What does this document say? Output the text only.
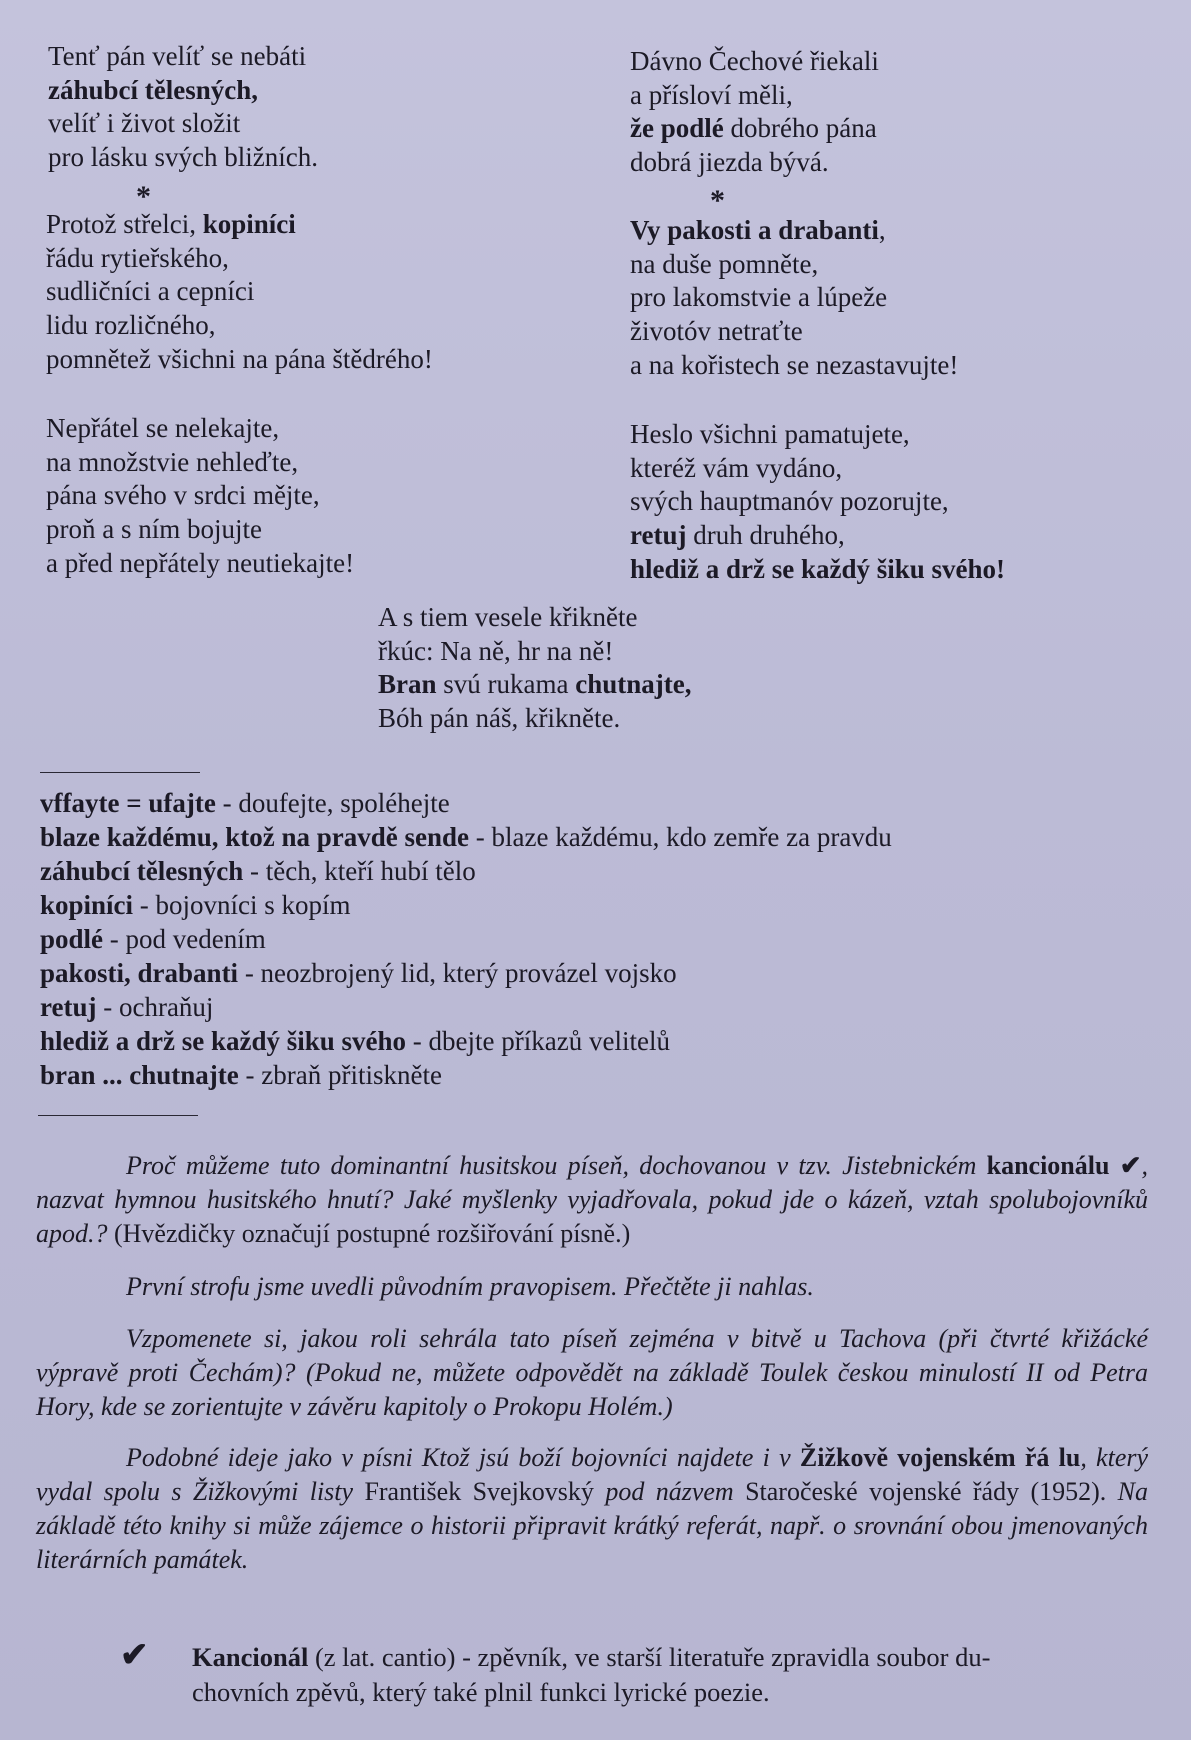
Tenť pán velíť se nebáti
záhubcí tělesných,
velíť i život složit
pro lásku svých bližních.
*
Protož střelci, kopiníci
řádu rytieřského,
sudličníci a cepníci
lidu rozličného,
pomnětež všichni na pána štědrého!
Nepřátel se nelekajte,
na množstvie nehleďte,
pána svého v srdci mějte,
proň a s ním bojujte
a před nepřátely neutiekajte!
Dávno Čechové řiekali
a přísloví měli,
že podlé dobrého pána
dobrá jiezda bývá.
*
Vy pakosti a drabanti,
na duše pomněte,
pro lakomstvie a lúpeže
životóv netraťte
a na kořistech se nezastavujte!
Heslo všichni pamatujete,
kteréž vám vydáno,
svých hauptmanóv pozorujte,
retuj druh druhého,
hlediž a drž se každý šiku svého!
A s tiem vesele křikněte
řkúc: Na ně, hr na ně!
Bran svú rukama chutnajte,
Bóh pán náš, křikněte.
vffayte = ufajte - doufejte, spoléhejte
blaze každému, ktož na pravdě sende - blaze každému, kdo zemře za pravdu
záhubcí tělesných - těch, kteří hubí tělo
kopiníci - bojovníci s kopím
podlé - pod vedením
pakosti, drabanti - neozbrojený lid, který provázel vojsko
retuj - ochraňuj
hlediž a drž se každý šiku svého - dbejte příkazů velitelů
bran ... chutnajte - zbraň přitiskněte
Proč můžeme tuto dominantní husitskou píseň, dochovanou v tzv. Jistebnickém kancionálu ✔, nazvat hymnou husitského hnutí? Jaké myšlenky vyjadřovala, pokud jde o kázeň, vztah spolubojovníků apod.? (Hvězdičky označují postupné rozšiřování písně.)
První strofu jsme uvedli původním pravopisem. Přečtěte ji nahlas.
Vzpomenete si, jakou roli sehrála tato píseň zejména v bitvě u Tachova (při čtvrté křižácké výpravě proti Čechám)? (Pokud ne, můžete odpovědět na základě Toulek českou minulostí II od Petra Hory, kde se zorientujte v závěru kapitoly o Prokopu Holém.)
Podobné ideje jako v písni Ktož jsú boží bojovníci najdete i v Žižkově vojenském řá lu, který vydal spolu s Žižkovými listy František Svejkovský pod názvem Staročeské vojenské řády (1952). Na základě této knihy si může zájemce o historii připravit krátký referát, např. o srovnání obou jmenovaných literárních památek.
✔ Kancionál (z lat. cantio) - zpěvník, ve starší literatuře zpravidla soubor du-
chovních zpěvů, který také plnil funkci lyrické poezie.
